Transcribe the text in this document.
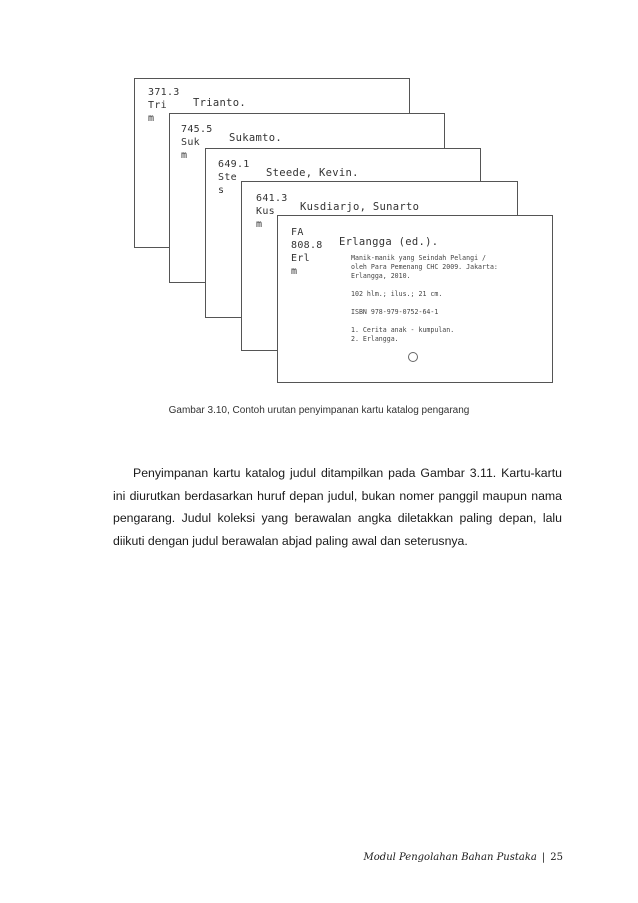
371.3
Tri
m
Trianto.
745.5
Suk
m
Sukamto.
649.1
Ste
s
Steede, Kevin.
641.3
Kus
m
Kusdiarjo, Sunarto
FA
808.8
Erl
m
Erlangga (ed.).
Manik-manik yang Seindah Pelangi /
oleh Para Pemenang CHC 2009. Jakarta:
Erlangga, 2010.
102 hlm.; ilus.; 21 cm.
ISBN 978-979-0752-64-1
1. Cerita anak - kumpulan.
2. Erlangga.
Gambar 3.10, Contoh urutan penyimpanan kartu katalog pengarang

Penyimpanan kartu katalog judul ditampilkan pada Gambar 3.11. Kartu-kartu ini diurutkan berdasarkan huruf depan judul, bukan nomer panggil maupun nama pengarang. Judul koleksi yang berawalan angka diletakkan paling depan, lalu diikuti dengan judul berawalan abjad paling awal dan seterusnya.

Modul Pengolahan Bahan Pustaka | 25
